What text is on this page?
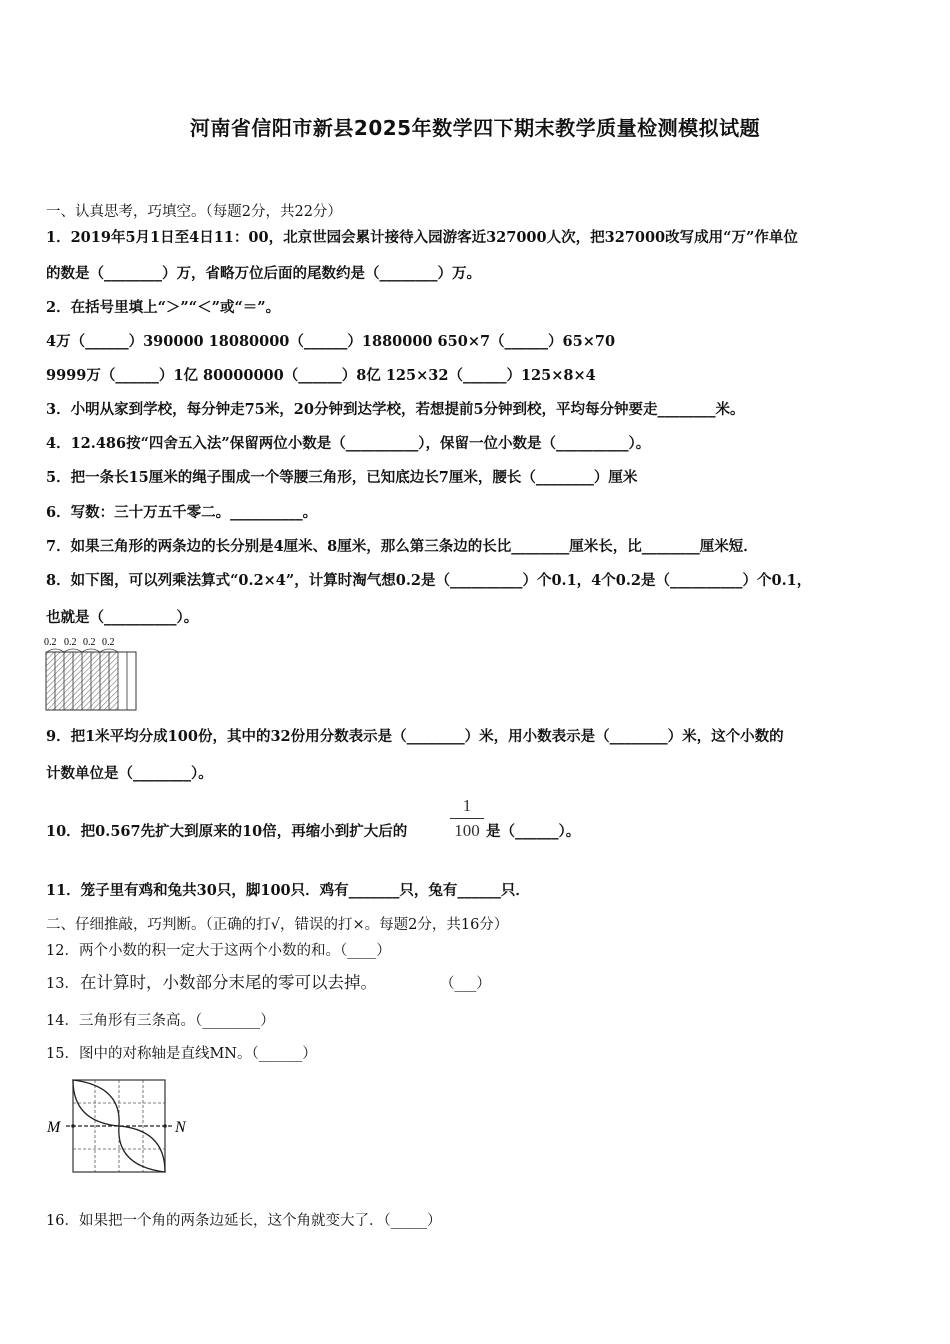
河南省信阳市新县2025年数学四下期末教学质量检测模拟试题
一、认真思考，巧填空。（每题2分，共22分）
1．2019年5月1日至4日11：00，北京世园会累计接待入园游客近327000人次，把327000改写成用“万”作单位
的数是（________）万，省略万位后面的尾数约是（________）万。
2．在括号里填上“＞”“＜”或“＝”。
4万（______）390000 18080000（______）1880000 650×7（______）65×70
9999万（______）1亿 80000000（______）8亿 125×32（______）125×8×4
3．小明从家到学校，每分钟走75米，20分钟到达学校，若想提前5分钟到校，平均每分钟要走________米。
4．12.486按“四舍五入法”保留两位小数是（__________），保留一位小数是（__________）。
5．把一条长15厘米的绳子围成一个等腰三角形，已知底边长7厘米，腰长（________）厘米
6．写数：三十万五千零二。__________。
7．如果三角形的两条边的长分别是4厘米、8厘米，那么第三条边的长比________厘米长，比________厘米短．
8．如下图，可以列乘法算式“0.2×4”，计算时淘气想0.2是（__________）个0.1，4个0.2是（__________）个0.1，
也就是（__________）。
0.2 0.2 0.2 0.2
9．把1米平均分成100份，其中的32份用分数表示是（________）米，用小数表示是（________）米，这个小数的
计数单位是（________）。
10．把0.567先扩大到原来的10倍，再缩小到扩大后的
1
100 是（______）。
11．笼子里有鸡和兔共30只，脚100只．鸡有_______只，兔有______只．
二、仔细推敲，巧判断。（正确的打√，错误的打×。每题2分，共16分）
12．两个小数的积一定大于这两个小数的和。（____）
13． 在计算时，小数部分末尾的零可以去掉。	（___）
14．三角形有三条高。（________）
15．图中的对称轴是直线MN。（______）
M	N
16．如果把一个角的两条边延长，这个角就变大了．（_____）
